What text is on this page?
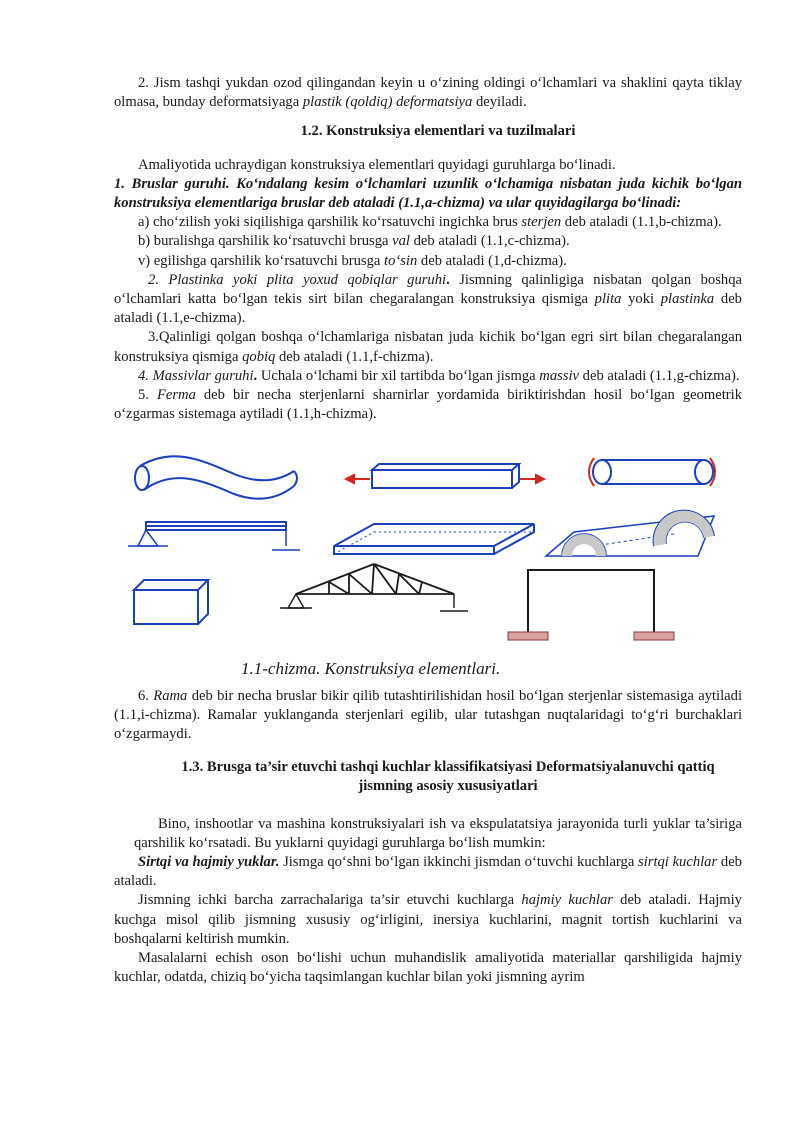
2. Jism tashqi yukdan ozod qilingandan keyin u o‘zining oldingi o‘lchamlari va shaklini qayta tiklay olmasa, bunday deformatsiyaga plastik (qoldiq) deformatsiya deyiladi.

1.2. Konstruksiya elementlari va tuzilmalari

Amaliyotida uchraydigan konstruksiya elementlari quyidagi guruhlarga bo‘linadi.

1. Bruslar guruhi. Ko‘ndalang kesim o‘lchamlari uzunlik o‘lchamiga nisbatan juda kichik bo‘lgan konstruksiya elementlariga bruslar deb ataladi (1.1,a-chizma) va ular quyidagilarga bo‘linadi:

a) cho‘zilish yoki siqilishiga qarshilik ko‘rsatuvchi ingichka brus sterjen deb ataladi (1.1,b-chizma).

b) buralishga qarshilik ko‘rsatuvchi brusga val deb ataladi (1.1,c-chizma).

v) egilishga qarshilik ko‘rsatuvchi brusga to‘sin deb ataladi (1,d-chizma).

2. Plastinka yoki plita yoxud qobiqlar guruhi. Jismning qalinligiga nisbatan qolgan boshqa o‘lchamlari katta bo‘lgan tekis sirt bilan chegaralangan konstruksiya qismiga plita yoki plastinka deb ataladi (1.1,e-chizma).

3.Qalinligi qolgan boshqa o‘lchamlariga nisbatan juda kichik bo‘lgan egri sirt bilan chegaralangan konstruksiya qismiga qobiq deb ataladi (1.1,f-chizma).

4. Massivlar guruhi. Uchala o‘lchami bir xil tartibda bo‘lgan jismga massiv deb ataladi (1.1,g-chizma).

5. Ferma deb bir necha sterjenlarni sharnirlar yordamida biriktirishdan hosil bo‘lgan geometrik o‘zgarmas sistemaga aytiladi (1.1,h-chizma).

1.1-chizma. Konstruksiya elementlari.

6. Rama deb bir necha bruslar bikir qilib tutashtirilishidan hosil bo‘lgan sterjenlar sistemasiga aytiladi (1.1,i-chizma). Ramalar yuklanganda sterjenlari egilib, ular tutashgan nuqtalaridagi to‘g‘ri burchaklari o‘zgarmaydi.

1.3. Brusga ta’sir etuvchi tashqi kuchlar klassifikatsiyasi Deformatsiyalanuvchi qattiq jismning asosiy xususiyatlari

Bino, inshootlar va mashina konstruksiyalari ish va ekspulatatsiya jarayonida turli yuklar ta’siriga qarshilik ko‘rsatadi. Bu yuklarni quyidagi guruhlarga bo‘lish mumkin:

Sirtqi va hajmiy yuklar. Jismga qo‘shni bo‘lgan ikkinchi jismdan o‘tuvchi kuchlarga sirtqi kuchlar deb ataladi.

Jismning ichki barcha zarrachalariga ta’sir etuvchi kuchlarga hajmiy kuchlar deb ataladi. Hajmiy kuchga misol qilib jismning xususiy og‘irligini, inersiya kuchlarini, magnit tortish kuchlarini va boshqalarni keltirish mumkin.

Masalalarni echish oson bo‘lishi uchun muhandislik amaliyotida materiallar qarshiligida hajmiy kuchlar, odatda, chiziq bo‘yicha taqsimlangan kuchlar bilan yoki jismning ayrim
